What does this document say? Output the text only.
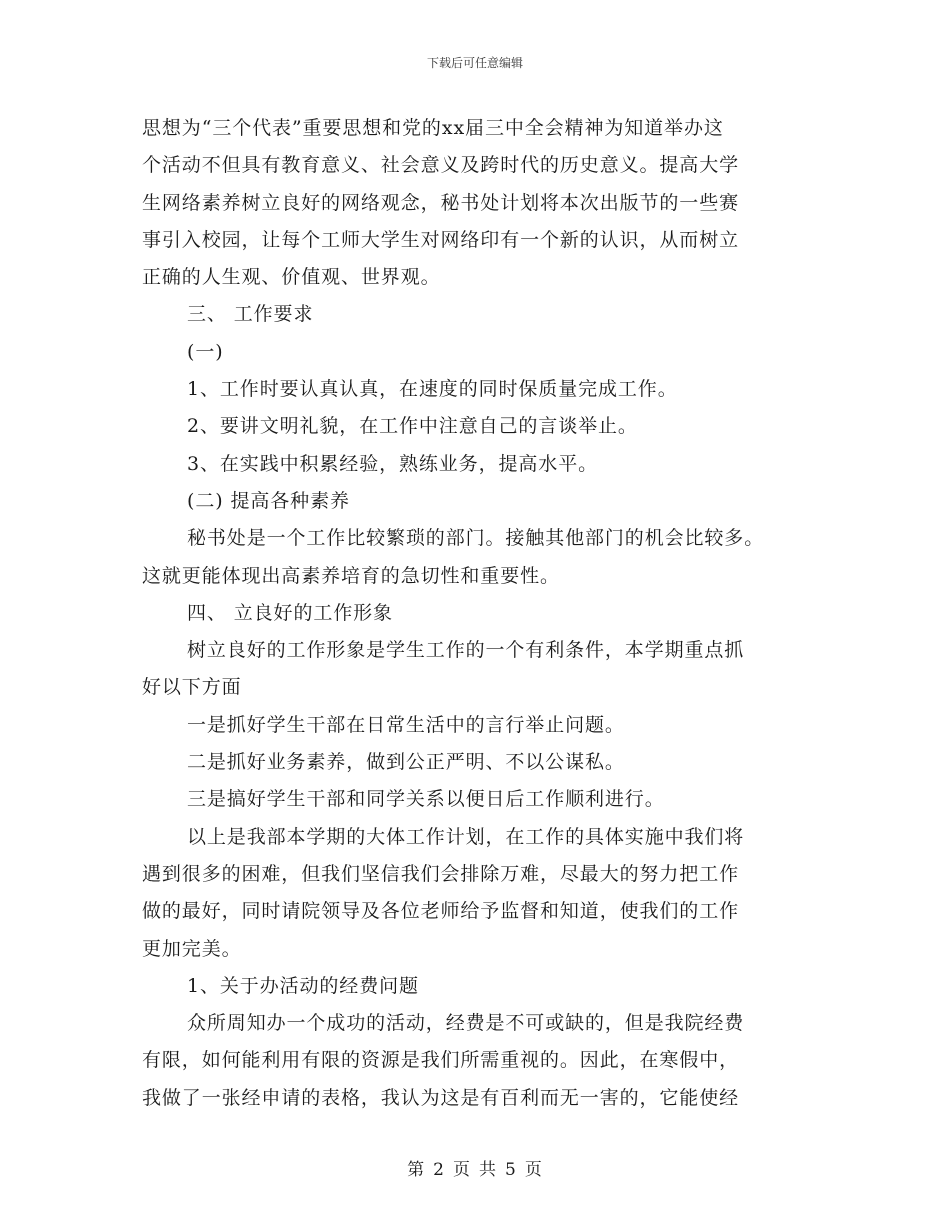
下载后可任意编辑
思想为“三个代表”重要思想和党的xx届三中全会精神为知道举办这
个活动不但具有教育意义、社会意义及跨时代的历史意义。提高大学
生网络素养树立良好的网络观念，秘书处计划将本次出版节的一些赛
事引入校园，让每个工师大学生对网络印有一个新的认识，从而树立
正确的人生观、价值观、世界观。
三、 工作要求
(一)
1、工作时要认真认真，在速度的同时保质量完成工作。
2、要讲文明礼貌，在工作中注意自己的言谈举止。
3、在实践中积累经验，熟练业务，提高水平。
(二) 提高各种素养
秘书处是一个工作比较繁琐的部门。接触其他部门的机会比较多。
这就更能体现出高素养培育的急切性和重要性。
四、 立良好的工作形象
树立良好的工作形象是学生工作的一个有利条件，本学期重点抓
好以下方面
一是抓好学生干部在日常生活中的言行举止问题。
二是抓好业务素养，做到公正严明、不以公谋私。
三是搞好学生干部和同学关系以便日后工作顺利进行。
以上是我部本学期的大体工作计划，在工作的具体实施中我们将
遇到很多的困难，但我们坚信我们会排除万难，尽最大的努力把工作
做的最好，同时请院领导及各位老师给予监督和知道，使我们的工作
更加完美。
1、关于办活动的经费问题
众所周知办一个成功的活动，经费是不可或缺的，但是我院经费
有限，如何能利用有限的资源是我们所需重视的。因此，在寒假中，
我做了一张经申请的表格，我认为这是有百利而无一害的，它能使经
第 2 页 共 5 页
